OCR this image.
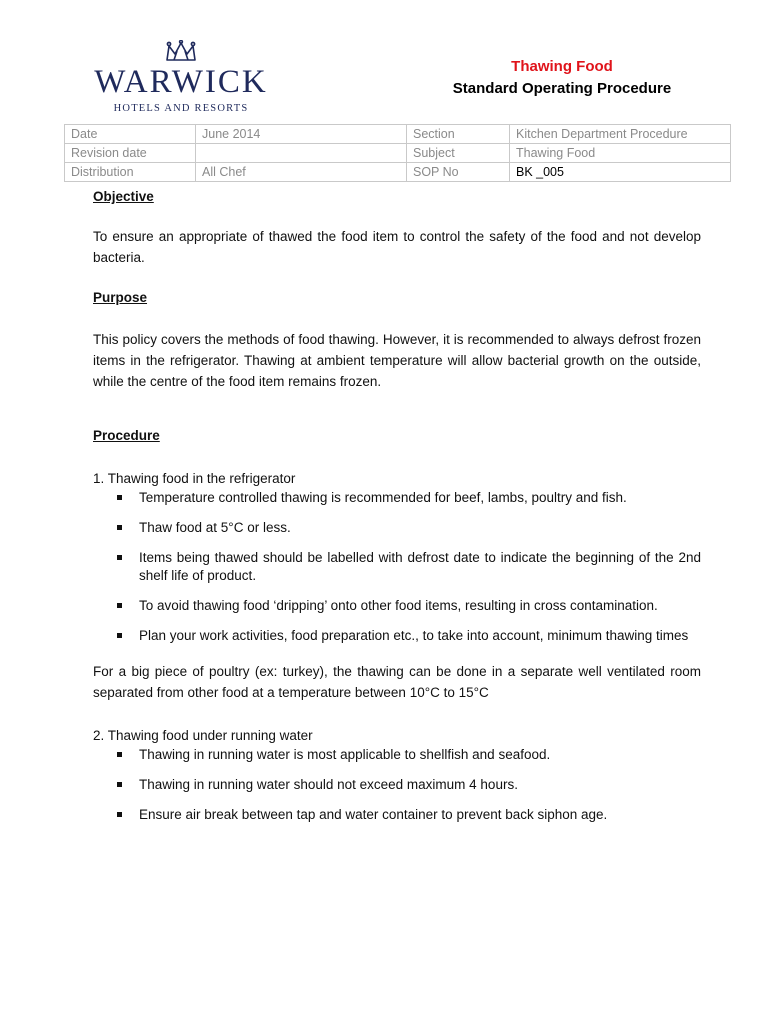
WARWICK
HOTELS AND RESORTS
Thawing Food
Standard Operating Procedure
Date	June 2014	Section	Kitchen Department Procedure
Revision date		Subject	Thawing Food
Distribution	All Chef	SOP No	BK _005
Objective

To ensure an appropriate of thawed the food item to control the safety of the food and not develop bacteria.

Purpose

This policy covers the methods of food thawing. However, it is recommended to always defrost frozen items in the refrigerator. Thawing at ambient temperature will allow bacterial growth on the outside, while the centre of the food item remains frozen.

Procedure

1. Thawing food in the refrigerator

Temperature controlled thawing is recommended for beef, lambs, poultry and fish.
Thaw food at 5°C or less.
Items being thawed should be labelled with defrost date to indicate the beginning of the 2nd shelf life of product.
To avoid thawing food ‘dripping’ onto other food items, resulting in cross contamination.
Plan your work activities, food preparation etc., to take into account, minimum thawing times

For a big piece of poultry (ex: turkey), the thawing can be done in a separate well ventilated room separated from other food at a temperature between 10°C to 15°C

2. Thawing food under running water

Thawing in running water is most applicable to shellfish and seafood.
Thawing in running water should not exceed maximum 4 hours.
Ensure air break between tap and water container to prevent back siphon age.
